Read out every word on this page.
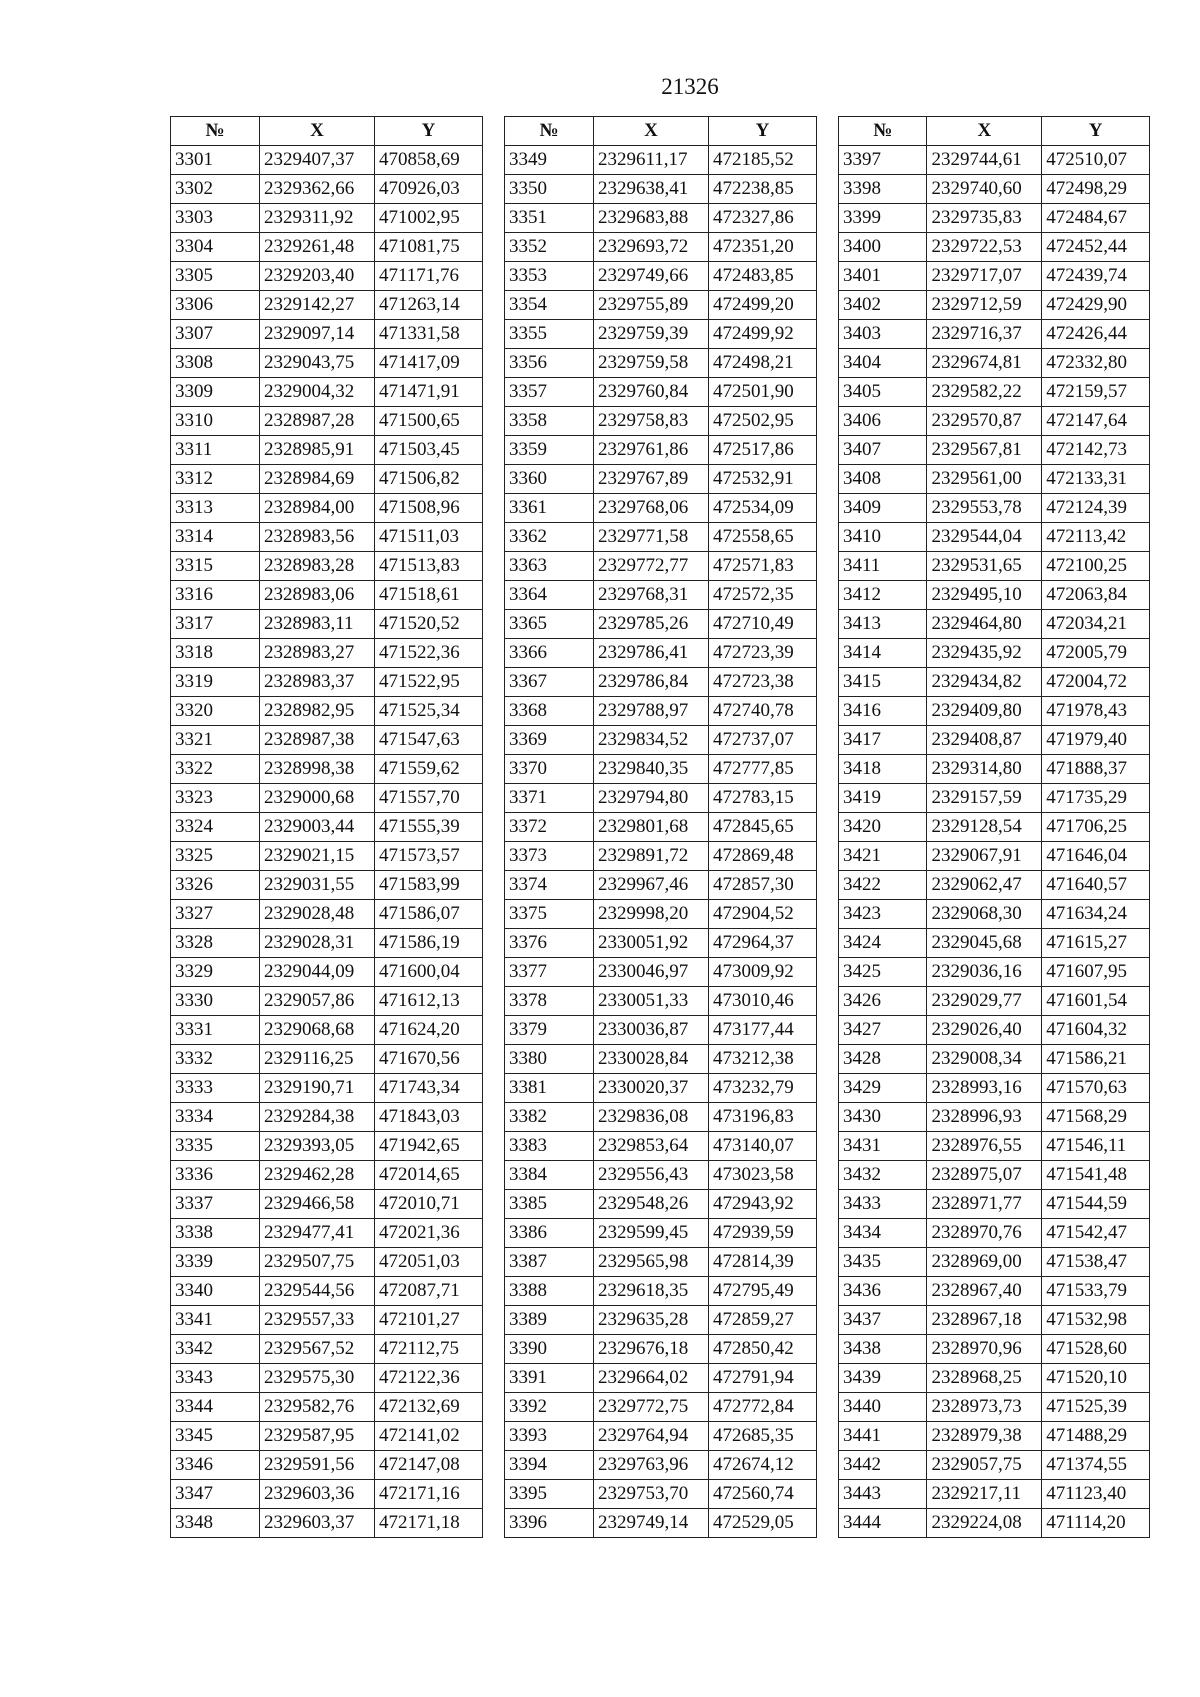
21326
№	X	Y
3301	2329407,37	470858,69
3302	2329362,66	470926,03
3303	2329311,92	471002,95
3304	2329261,48	471081,75
3305	2329203,40	471171,76
3306	2329142,27	471263,14
3307	2329097,14	471331,58
3308	2329043,75	471417,09
3309	2329004,32	471471,91
3310	2328987,28	471500,65
3311	2328985,91	471503,45
3312	2328984,69	471506,82
3313	2328984,00	471508,96
3314	2328983,56	471511,03
3315	2328983,28	471513,83
3316	2328983,06	471518,61
3317	2328983,11	471520,52
3318	2328983,27	471522,36
3319	2328983,37	471522,95
3320	2328982,95	471525,34
3321	2328987,38	471547,63
3322	2328998,38	471559,62
3323	2329000,68	471557,70
3324	2329003,44	471555,39
3325	2329021,15	471573,57
3326	2329031,55	471583,99
3327	2329028,48	471586,07
3328	2329028,31	471586,19
3329	2329044,09	471600,04
3330	2329057,86	471612,13
3331	2329068,68	471624,20
3332	2329116,25	471670,56
3333	2329190,71	471743,34
3334	2329284,38	471843,03
3335	2329393,05	471942,65
3336	2329462,28	472014,65
3337	2329466,58	472010,71
3338	2329477,41	472021,36
3339	2329507,75	472051,03
3340	2329544,56	472087,71
3341	2329557,33	472101,27
3342	2329567,52	472112,75
3343	2329575,30	472122,36
3344	2329582,76	472132,69
3345	2329587,95	472141,02
3346	2329591,56	472147,08
3347	2329603,36	472171,16
3348	2329603,37	472171,18
№	X	Y
3349	2329611,17	472185,52
3350	2329638,41	472238,85
3351	2329683,88	472327,86
3352	2329693,72	472351,20
3353	2329749,66	472483,85
3354	2329755,89	472499,20
3355	2329759,39	472499,92
3356	2329759,58	472498,21
3357	2329760,84	472501,90
3358	2329758,83	472502,95
3359	2329761,86	472517,86
3360	2329767,89	472532,91
3361	2329768,06	472534,09
3362	2329771,58	472558,65
3363	2329772,77	472571,83
3364	2329768,31	472572,35
3365	2329785,26	472710,49
3366	2329786,41	472723,39
3367	2329786,84	472723,38
3368	2329788,97	472740,78
3369	2329834,52	472737,07
3370	2329840,35	472777,85
3371	2329794,80	472783,15
3372	2329801,68	472845,65
3373	2329891,72	472869,48
3374	2329967,46	472857,30
3375	2329998,20	472904,52
3376	2330051,92	472964,37
3377	2330046,97	473009,92
3378	2330051,33	473010,46
3379	2330036,87	473177,44
3380	2330028,84	473212,38
3381	2330020,37	473232,79
3382	2329836,08	473196,83
3383	2329853,64	473140,07
3384	2329556,43	473023,58
3385	2329548,26	472943,92
3386	2329599,45	472939,59
3387	2329565,98	472814,39
3388	2329618,35	472795,49
3389	2329635,28	472859,27
3390	2329676,18	472850,42
3391	2329664,02	472791,94
3392	2329772,75	472772,84
3393	2329764,94	472685,35
3394	2329763,96	472674,12
3395	2329753,70	472560,74
3396	2329749,14	472529,05
№	X	Y
3397	2329744,61	472510,07
3398	2329740,60	472498,29
3399	2329735,83	472484,67
3400	2329722,53	472452,44
3401	2329717,07	472439,74
3402	2329712,59	472429,90
3403	2329716,37	472426,44
3404	2329674,81	472332,80
3405	2329582,22	472159,57
3406	2329570,87	472147,64
3407	2329567,81	472142,73
3408	2329561,00	472133,31
3409	2329553,78	472124,39
3410	2329544,04	472113,42
3411	2329531,65	472100,25
3412	2329495,10	472063,84
3413	2329464,80	472034,21
3414	2329435,92	472005,79
3415	2329434,82	472004,72
3416	2329409,80	471978,43
3417	2329408,87	471979,40
3418	2329314,80	471888,37
3419	2329157,59	471735,29
3420	2329128,54	471706,25
3421	2329067,91	471646,04
3422	2329062,47	471640,57
3423	2329068,30	471634,24
3424	2329045,68	471615,27
3425	2329036,16	471607,95
3426	2329029,77	471601,54
3427	2329026,40	471604,32
3428	2329008,34	471586,21
3429	2328993,16	471570,63
3430	2328996,93	471568,29
3431	2328976,55	471546,11
3432	2328975,07	471541,48
3433	2328971,77	471544,59
3434	2328970,76	471542,47
3435	2328969,00	471538,47
3436	2328967,40	471533,79
3437	2328967,18	471532,98
3438	2328970,96	471528,60
3439	2328968,25	471520,10
3440	2328973,73	471525,39
3441	2328979,38	471488,29
3442	2329057,75	471374,55
3443	2329217,11	471123,40
3444	2329224,08	471114,20
